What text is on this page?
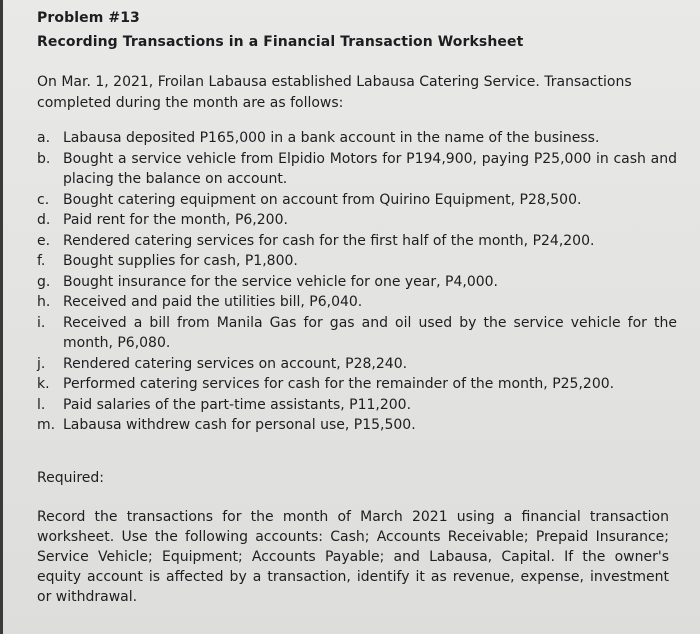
Problem #13
Recording Transactions in a Financial Transaction Worksheet
On Mar. 1, 2021, Froilan Labausa established Labausa Catering Service. Transactions completed during the month are as follows:
a. Labausa deposited P165,000 in a bank account in the name of the business.
b. Bought a service vehicle from Elpidio Motors for P194,900, paying P25,000 in cash and placing the balance on account.
c. Bought catering equipment on account from Quirino Equipment, P28,500.
d. Paid rent for the month, P6,200.
e. Rendered catering services for cash for the first half of the month, P24,200.
f. Bought supplies for cash, P1,800.
g. Bought insurance for the service vehicle for one year, P4,000.
h. Received and paid the utilities bill, P6,040.
i. Received a bill from Manila Gas for gas and oil used by the service vehicle for the month, P6,080.
j. Rendered catering services on account, P28,240.
k. Performed catering services for cash for the remainder of the month, P25,200.
l. Paid salaries of the part-time assistants, P11,200.
m. Labausa withdrew cash for personal use, P15,500.
Required:
Record the transactions for the month of March 2021 using a financial transaction worksheet. Use the following accounts: Cash; Accounts Receivable; Prepaid Insurance; Service Vehicle; Equipment; Accounts Payable; and Labausa, Capital. If the owner's equity account is affected by a transaction, identify it as revenue, expense, investment or withdrawal.
